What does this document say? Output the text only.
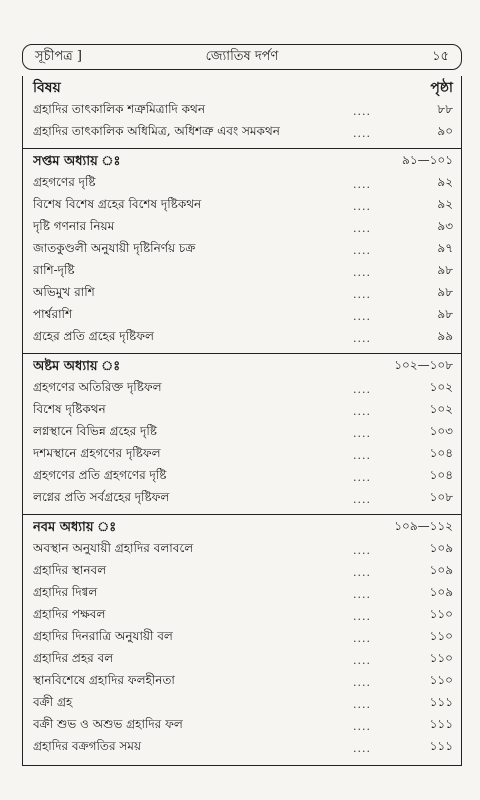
সূচীপত্র ]	জ্যোতিষ দর্পণ	১৫
বিষয়	পৃষ্ঠা
গ্রহাদির তাৎকালিক শত্রুমিত্রাদি কথন	....	৮৮
গ্রহাদির তাৎকালিক অধিমিত্র, অধিশত্রু এবং সমকথন	....	৯০
সপ্তম অধ্যায় ঃ	৯১—১০১
গ্রহগণের দৃষ্টি	....	৯২
বিশেষ বিশেষ গ্রহের বিশেষ দৃষ্টিকথন	....	৯২
দৃষ্টি গণনার নিয়ম	....	৯৩
জাতকুণ্ডলী অনুযায়ী দৃষ্টিনির্ণয় চক্র	....	৯৭
রাশি-দৃষ্টি	....	৯৮
অভিমুখ রাশি	....	৯৮
পার্শ্বরাশি	....	৯৮
গ্রহের প্রতি গ্রহের দৃষ্টিফল	....	৯৯
অষ্টম অধ্যায় ঃ	১০২—১০৮
গ্রহগণের অতিরিক্ত দৃষ্টিফল	....	১০২
বিশেষ দৃষ্টিকথন	....	১০২
লগ্নস্থানে বিভিন্ন গ্রহের দৃষ্টি	....	১০৩
দশমস্থানে গ্রহগণের দৃষ্টিফল	....	১০৪
গ্রহগণের প্রতি গ্রহগণের দৃষ্টি	....	১০৪
লগ্নের প্রতি সর্বগ্রহের দৃষ্টিফল	....	১০৮
নবম অধ্যায় ঃ	১০৯—১১২
অবস্থান অনুযায়ী গ্রহাদির বলাবলে	....	১০৯
গ্রহাদির স্থানবল	....	১০৯
গ্রহাদির দিগ্বল	....	১০৯
গ্রহাদির পক্ষবল	....	১১০
গ্রহাদির দিনরাত্রি অনুযায়ী বল	....	১১০
গ্রহাদির প্রহর বল	....	১১০
স্থানবিশেষে গ্রহাদির ফলহীনতা	....	১১০
বক্রী গ্রহ	....	১১১
বক্রী শুভ ও অশুভ গ্রহাদির ফল	....	১১১
গ্রহাদির বক্রগতির সময়	....	১১১
